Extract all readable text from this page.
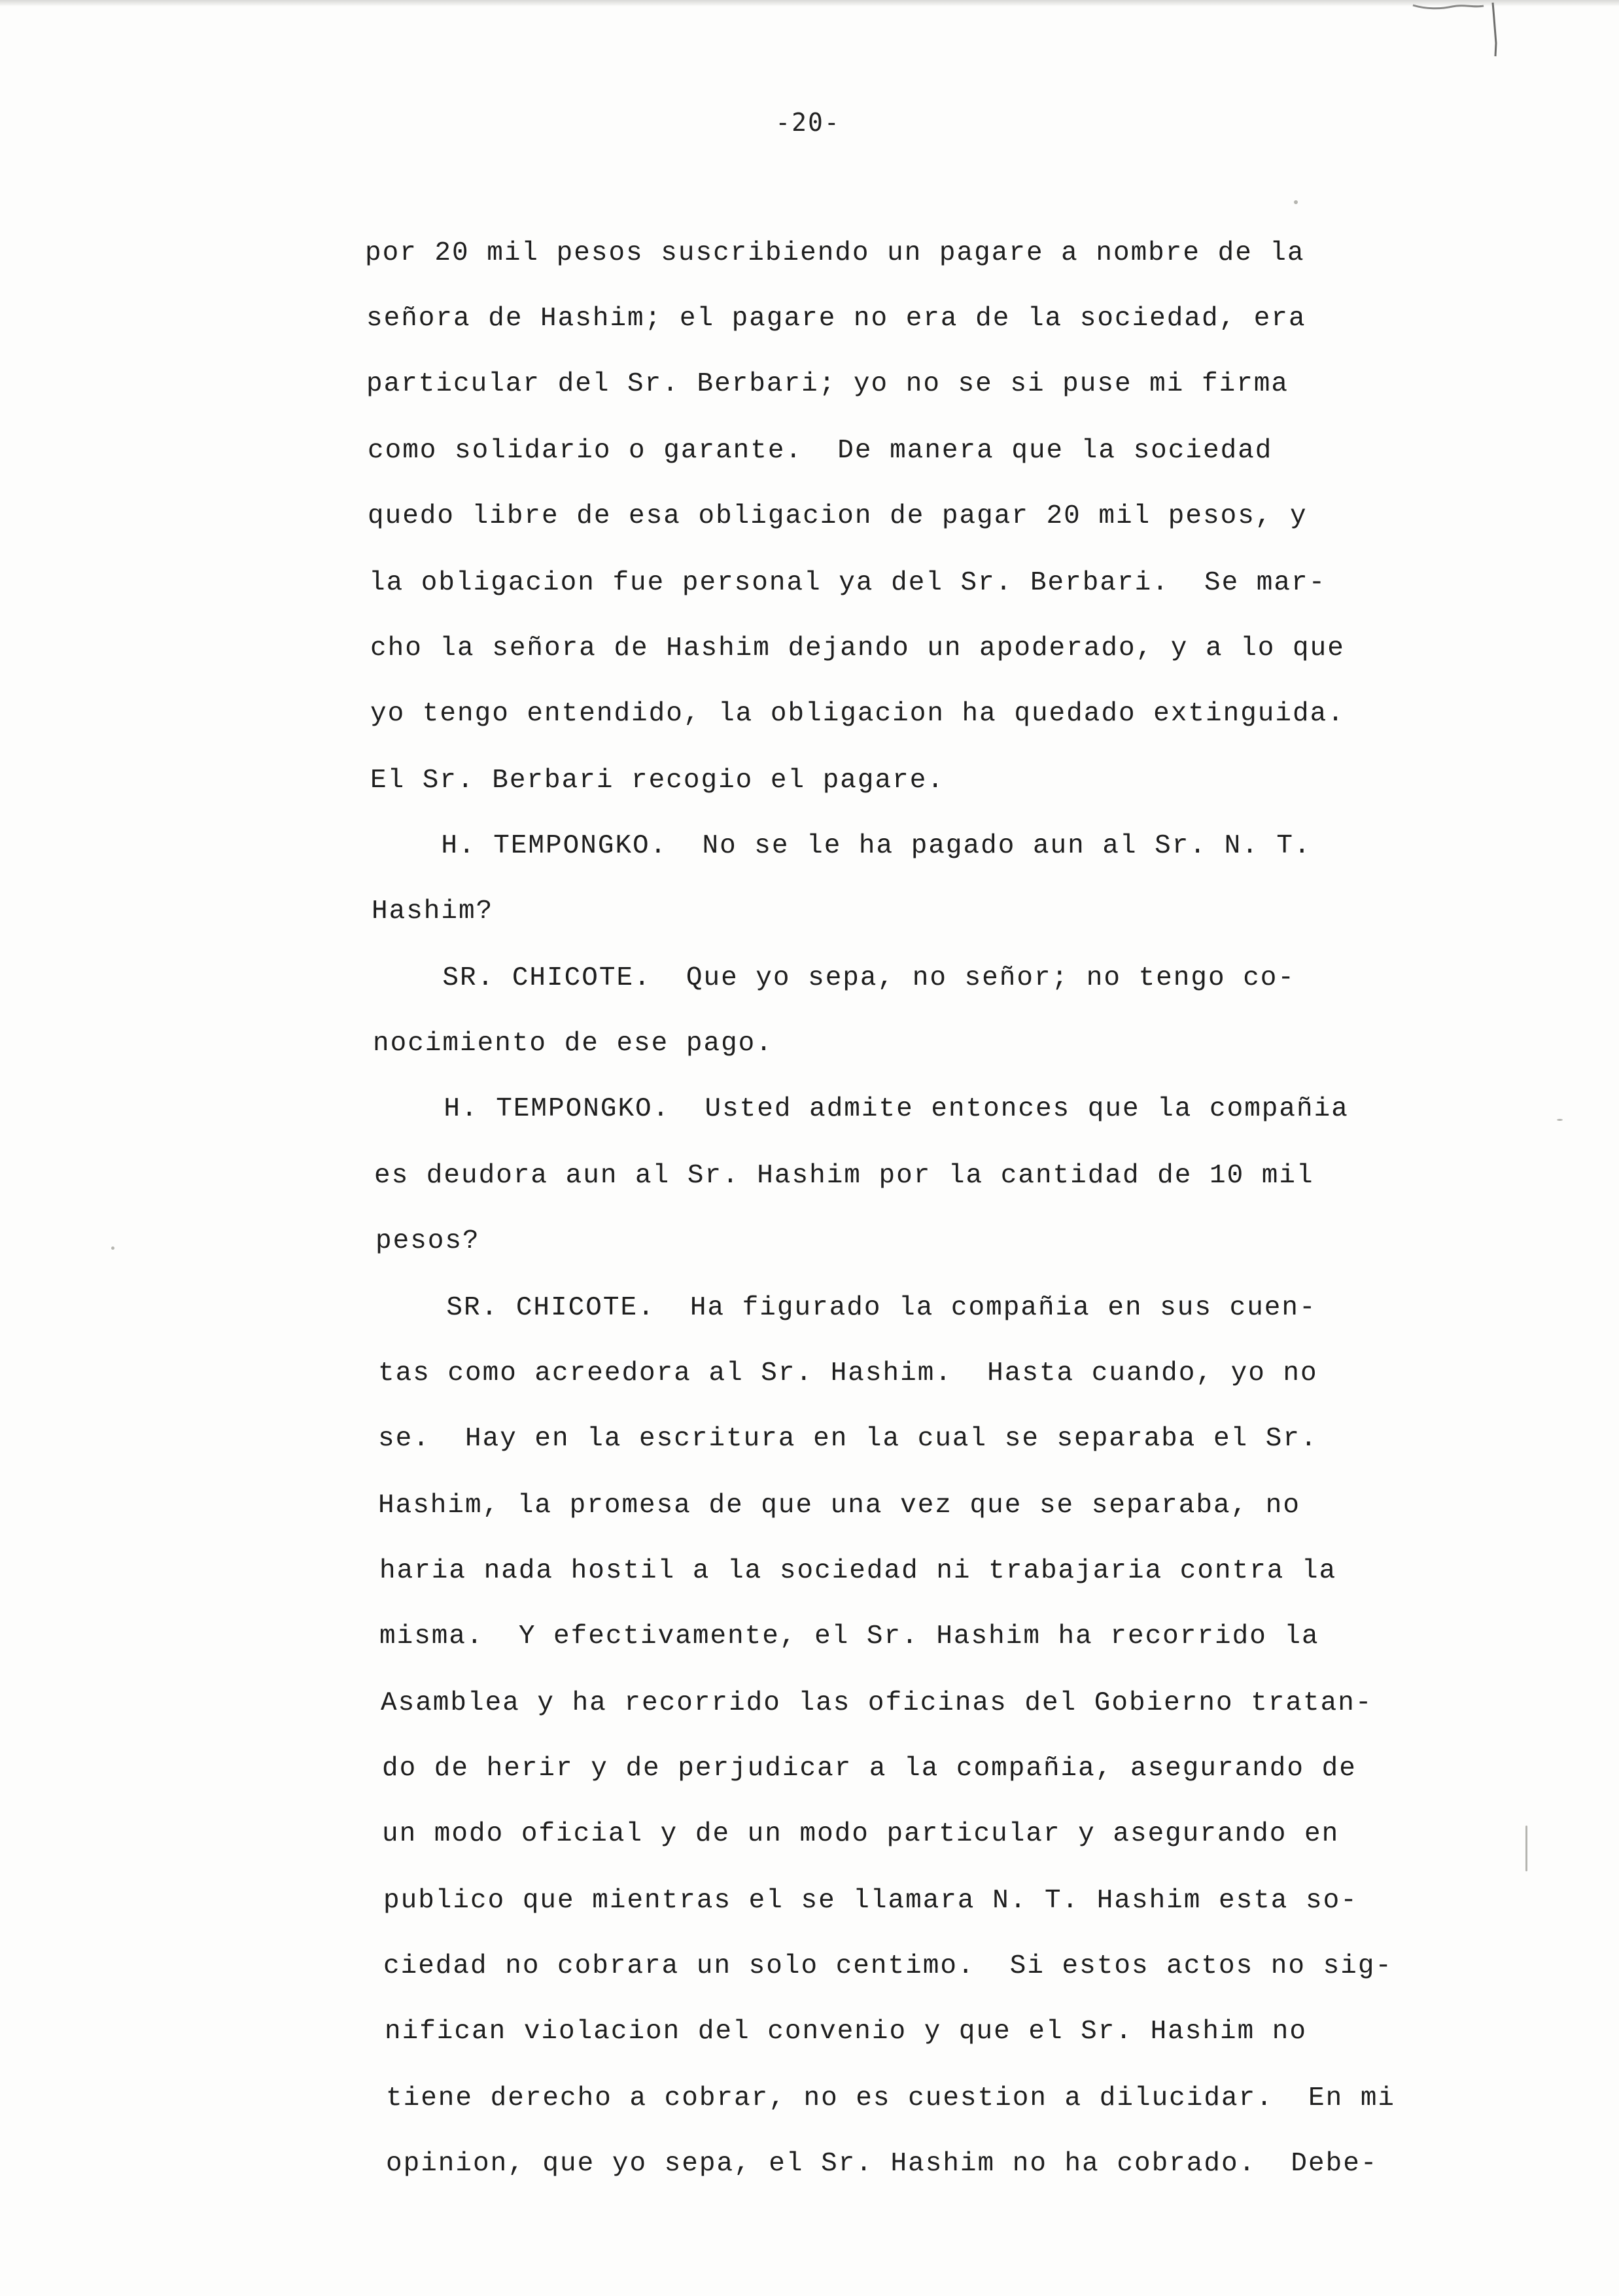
-20-
por 20 mil pesos suscribiendo un pagare a nombre de la
señora de Hashim; el pagare no era de la sociedad, era
particular del Sr. Berbari; yo no se si puse mi firma
como solidario o garante.  De manera que la sociedad
quedo libre de esa obligacion de pagar 20 mil pesos, y
la obligacion fue personal ya del Sr. Berbari.  Se mar-
cho la señora de Hashim dejando un apoderado, y a lo que
yo tengo entendido, la obligacion ha quedado extinguida.
El Sr. Berbari recogio el pagare.
H. TEMPONGKO.  No se le ha pagado aun al Sr. N. T.
Hashim?
SR. CHICOTE.  Que yo sepa, no señor; no tengo co-
nocimiento de ese pago.
H. TEMPONGKO.  Usted admite entonces que la compañia
es deudora aun al Sr. Hashim por la cantidad de 10 mil
pesos?
SR. CHICOTE.  Ha figurado la compañia en sus cuen-
tas como acreedora al Sr. Hashim.  Hasta cuando, yo no
se.  Hay en la escritura en la cual se separaba el Sr.
Hashim, la promesa de que una vez que se separaba, no
haria nada hostil a la sociedad ni trabajaria contra la
misma.  Y efectivamente, el Sr. Hashim ha recorrido la
Asamblea y ha recorrido las oficinas del Gobierno tratan-
do de herir y de perjudicar a la compañia, asegurando de
un modo oficial y de un modo particular y asegurando en
publico que mientras el se llamara N. T. Hashim esta so-
ciedad no cobrara un solo centimo.  Si estos actos no sig-
nifican violacion del convenio y que el Sr. Hashim no
tiene derecho a cobrar, no es cuestion a dilucidar.  En mi
opinion, que yo sepa, el Sr. Hashim no ha cobrado.  Debe-
